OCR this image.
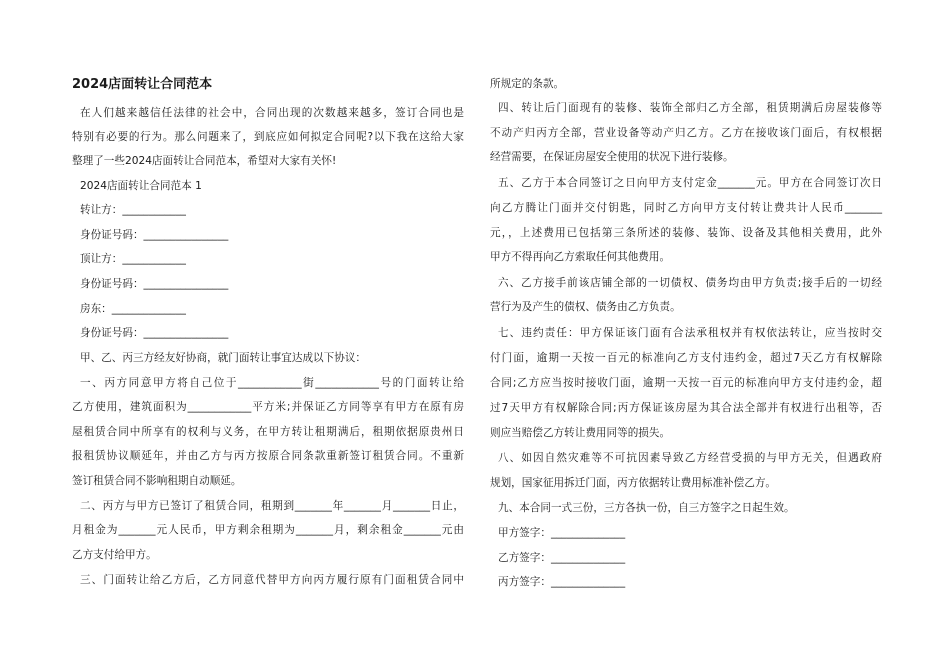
2024店面转让合同范本
在人们越来越信任法律的社会中，合同出现的次数越来越多，签订合同也是
特别有必要的行为。那么问题来了，到底应如何拟定合同呢?以下我在这给大家
整理了一些2024店面转让合同范本，希望对大家有关怀!
2024店面转让合同范本 1
转让方：____________
身份证号码：________________
顶让方：____________
身份证号码：________________
房东：______________
身份证号码：________________
甲、乙、丙三方经友好协商，就门面转让事宜达成以下协议：
一、丙方同意甲方将自己位于____________街____________号的门面转让给
乙方使用，建筑面积为____________平方米;并保证乙方同等享有甲方在原有房
屋租赁合同中所享有的权利与义务，在甲方转让租期满后，租期依据原贵州日
报租赁协议顺延年，并由乙方与丙方按原合同条款重新签订租赁合同。不重新
签订租赁合同不影响租期自动顺延。
二、丙方与甲方已签订了租赁合同，租期到_______年_______月_______日止，
月租金为_______元人民币，甲方剩余租期为_______月，剩余租金_______元由
乙方支付给甲方。
三、门面转让给乙方后，乙方同意代替甲方向丙方履行原有门面租赁合同中
所规定的条款。
四、转让后门面现有的装修、装饰全部归乙方全部，租赁期满后房屋装修等
不动产归丙方全部，营业设备等动产归乙方。乙方在接收该门面后，有权根据
经营需要，在保证房屋安全使用的状况下进行装修。
五、乙方于本合同签订之日向甲方支付定金_______元。甲方在合同签订次日
向乙方腾让门面并交付钥匙，同时乙方向甲方支付转让费共计人民币_______
元，，上述费用已包括第三条所述的装修、装饰、设备及其他相关费用，此外
甲方不得再向乙方索取任何其他费用。
六、乙方接手前该店铺全部的一切债权、债务均由甲方负责;接手后的一切经
营行为及产生的债权、债务由乙方负责。
七、违约责任：甲方保证该门面有合法承租权并有权依法转让，应当按时交
付门面，逾期一天按一百元的标准向乙方支付违约金，超过7天乙方有权解除
合同;乙方应当按时接收门面，逾期一天按一百元的标准向甲方支付违约金，超
过7天甲方有权解除合同;丙方保证该房屋为其合法全部并有权进行出租等，否
则应当赔偿乙方转让费用同等的损失。
八、如因自然灾难等不可抗因素导致乙方经营受损的与甲方无关，但遇政府
规划，国家征用拆迁门面，丙方依据转让费用标准补偿乙方。
九、本合同一式三份，三方各执一份，自三方签字之日起生效。
甲方签字：______________
乙方签字：______________
丙方签字：______________
